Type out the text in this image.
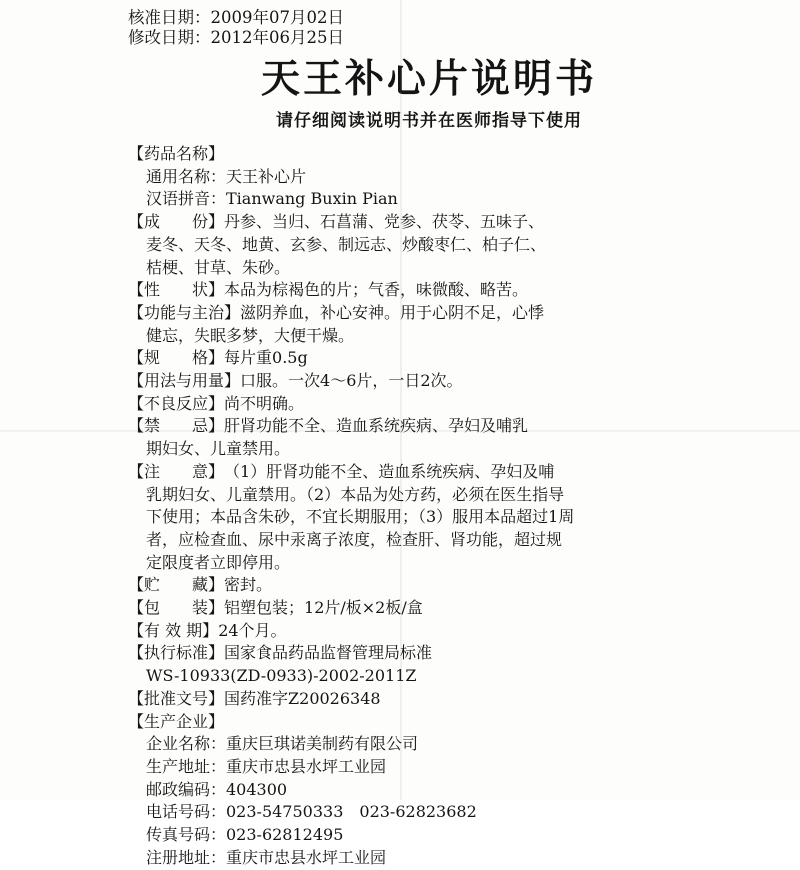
核准日期：2009年07月02日
修改日期：2012年06月25日
天王补心片说明书
请仔细阅读说明书并在医师指导下使用
【药品名称】
通用名称：天王补心片
汉语拼音：Tianwang Buxin Pian
【成　　份】丹参、当归、石菖蒲、党参、茯苓、五味子、
麦冬、天冬、地黄、玄参、制远志、炒酸枣仁、柏子仁、
桔梗、甘草、朱砂。
【性　　状】本品为棕褐色的片；气香，味微酸、略苦。
【功能与主治】滋阴养血，补心安神。用于心阴不足，心悸
健忘，失眠多梦，大便干燥。
【规　　格】每片重0.5g
【用法与用量】口服。一次4～6片，一日2次。
【不良反应】尚不明确。
【禁　　忌】肝肾功能不全、造血系统疾病、孕妇及哺乳
期妇女、儿童禁用。
【注　　意】（1）肝肾功能不全、造血系统疾病、孕妇及哺
乳期妇女、儿童禁用。（2）本品为处方药，必须在医生指导
下使用；本品含朱砂，不宜长期服用；（3）服用本品超过1周
者，应检查血、尿中汞离子浓度，检查肝、肾功能，超过规
定限度者立即停用。
【贮　　藏】密封。
【包　　装】铝塑包装；12片/板×2板/盒
【有 效 期】24个月。
【执行标准】国家食品药品监督管理局标准
WS-10933(ZD-0933)-2002-2011Z
【批准文号】国药准字Z20026348
【生产企业】
企业名称：重庆巨琪诺美制药有限公司
生产地址：重庆市忠县水坪工业园
邮政编码：404300
电话号码：023-54750333　023-62823682
传真号码：023-62812495
注册地址：重庆市忠县水坪工业园
